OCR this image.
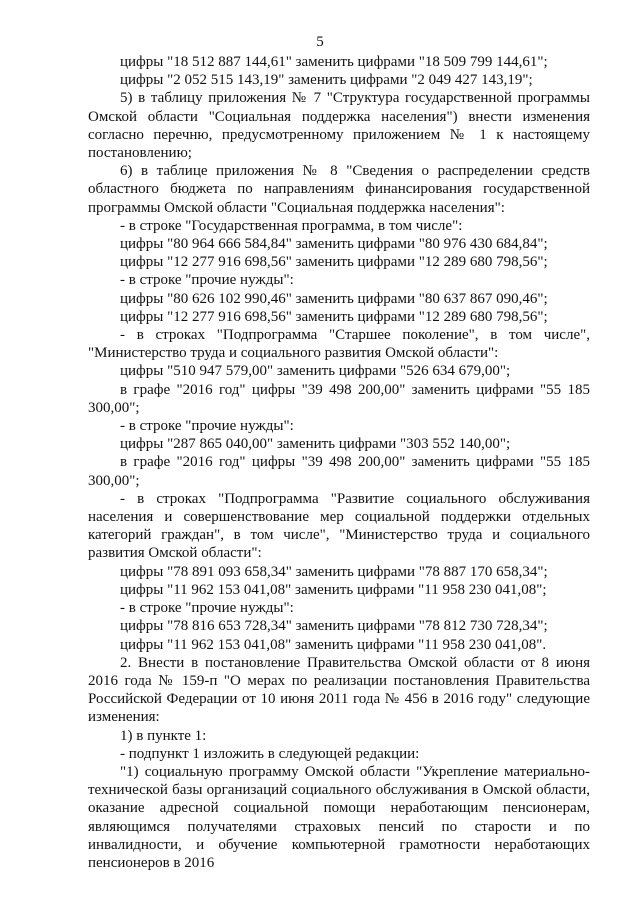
5

цифры "18 512 887 144,61" заменить цифрами "18 509 799 144,61";

цифры "2 052 515 143,19" заменить цифрами "2 049 427 143,19";

5) в таблицу приложения № 7 "Структура государственной программы Омской области "Социальная поддержка населения") внести изменения согласно перечню, предусмотренному приложением № 1 к настоящему постановлению;

6) в таблице приложения № 8 "Сведения о распределении средств областного бюджета по направлениям финансирования государственной программы Омской области "Социальная поддержка населения":

- в строке "Государственная программа, в том числе":

цифры "80 964 666 584,84" заменить цифрами "80 976 430 684,84";

цифры "12 277 916 698,56" заменить цифрами "12 289 680 798,56";

- в строке "прочие нужды":

цифры "80 626 102 990,46" заменить цифрами "80 637 867 090,46";

цифры "12 277 916 698,56" заменить цифрами "12 289 680 798,56";

- в строках "Подпрограмма "Старшее поколение", в том числе", "Министерство труда и социального развития Омской области":

цифры "510 947 579,00" заменить цифрами "526 634 679,00";

в графе "2016 год" цифры "39 498 200,00" заменить цифрами "55 185 300,00";

- в строке "прочие нужды":

цифры "287 865 040,00" заменить цифрами "303 552 140,00";

в графе "2016 год" цифры "39 498 200,00" заменить цифрами "55 185 300,00";

- в строках "Подпрограмма "Развитие социального обслуживания населения и совершенствование мер социальной поддержки отдельных категорий граждан", в том числе", "Министерство труда и социального развития Омской области":

цифры "78 891 093 658,34" заменить цифрами "78 887 170 658,34";

цифры "11 962 153 041,08" заменить цифрами "11 958 230 041,08";

- в строке "прочие нужды":

цифры "78 816 653 728,34" заменить цифрами "78 812 730 728,34";

цифры "11 962 153 041,08" заменить цифрами "11 958 230 041,08".

2. Внести в постановление Правительства Омской области от 8 июня 2016 года № 159-п "О мерах по реализации постановления Правительства Российской Федерации от 10 июня 2011 года № 456 в 2016 году" следующие изменения:

1) в пункте 1:

- подпункт 1 изложить в следующей редакции:

"1) социальную программу Омской области "Укрепление материально-технической базы организаций социального обслуживания в Омской области, оказание адресной социальной помощи неработающим пенсионерам, являющимся получателями страховых пенсий по старости и по инвалидности, и обучение компьютерной грамотности неработающих пенсионеров в 2016
